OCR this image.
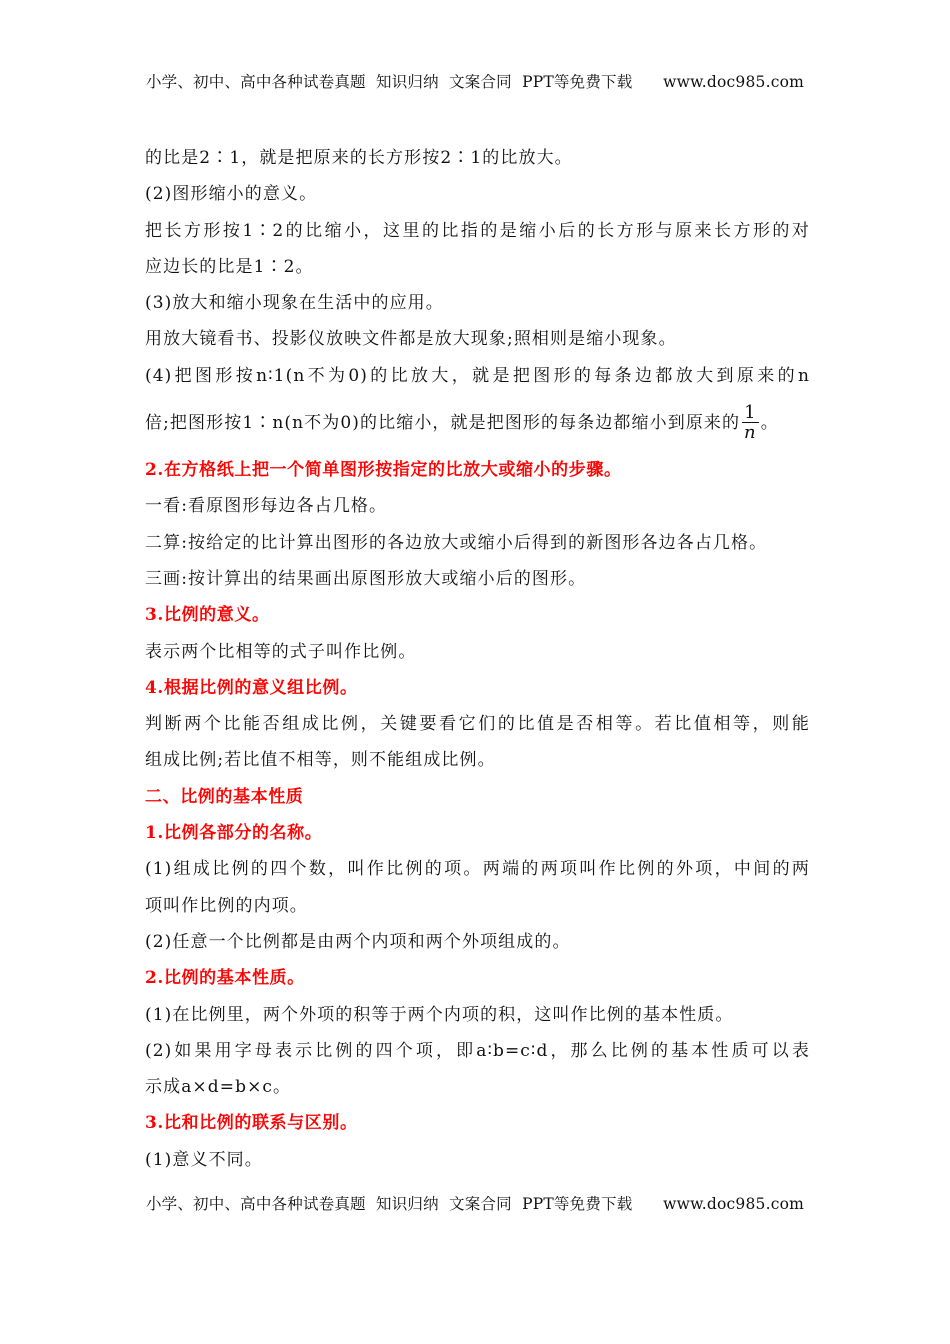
小学、初中、高中各种试卷真题  知识归纳  文案合同  PPT等免费下载      www.doc985.com
的比是2∶1，就是把原来的长方形按2∶1的比放大。
(2)图形缩小的意义。
把长方形按1∶2的比缩小，这里的比指的是缩小后的长方形与原来长方形的对
应边长的比是1∶2。
(3)放大和缩小现象在生活中的应用。
用放大镜看书、投影仪放映文件都是放大现象;照相则是缩小现象。
(4)把图形按n∶1(n不为0)的比放大，就是把图形的每条边都放大到原来的n
倍;把图形按1∶n(n不为0)的比缩小，就是把图形的每条边都缩小到原来的 $\frac{1}{n}$ 。
2.在方格纸上把一个简单图形按指定的比放大或缩小的步骤。
一看:看原图形每边各占几格。
二算:按给定的比计算出图形的各边放大或缩小后得到的新图形各边各占几格。
三画:按计算出的结果画出原图形放大或缩小后的图形。
3.比例的意义。
表示两个比相等的式子叫作比例。
4.根据比例的意义组比例。
判断两个比能否组成比例，关键要看它们的比值是否相等。若比值相等，则能
组成比例;若比值不相等，则不能组成比例。
二、比例的基本性质
1.比例各部分的名称。
(1)组成比例的四个数，叫作比例的项。两端的两项叫作比例的外项，中间的两
项叫作比例的内项。
(2)任意一个比例都是由两个内项和两个外项组成的。
2.比例的基本性质。
(1)在比例里，两个外项的积等于两个内项的积，这叫作比例的基本性质。
(2)如果用字母表示比例的四个项，即a∶b=c∶d，那么比例的基本性质可以表
示成a×d=b×c。
3.比和比例的联系与区别。
(1)意义不同。
小学、初中、高中各种试卷真题  知识归纳  文案合同  PPT等免费下载      www.doc985.com
